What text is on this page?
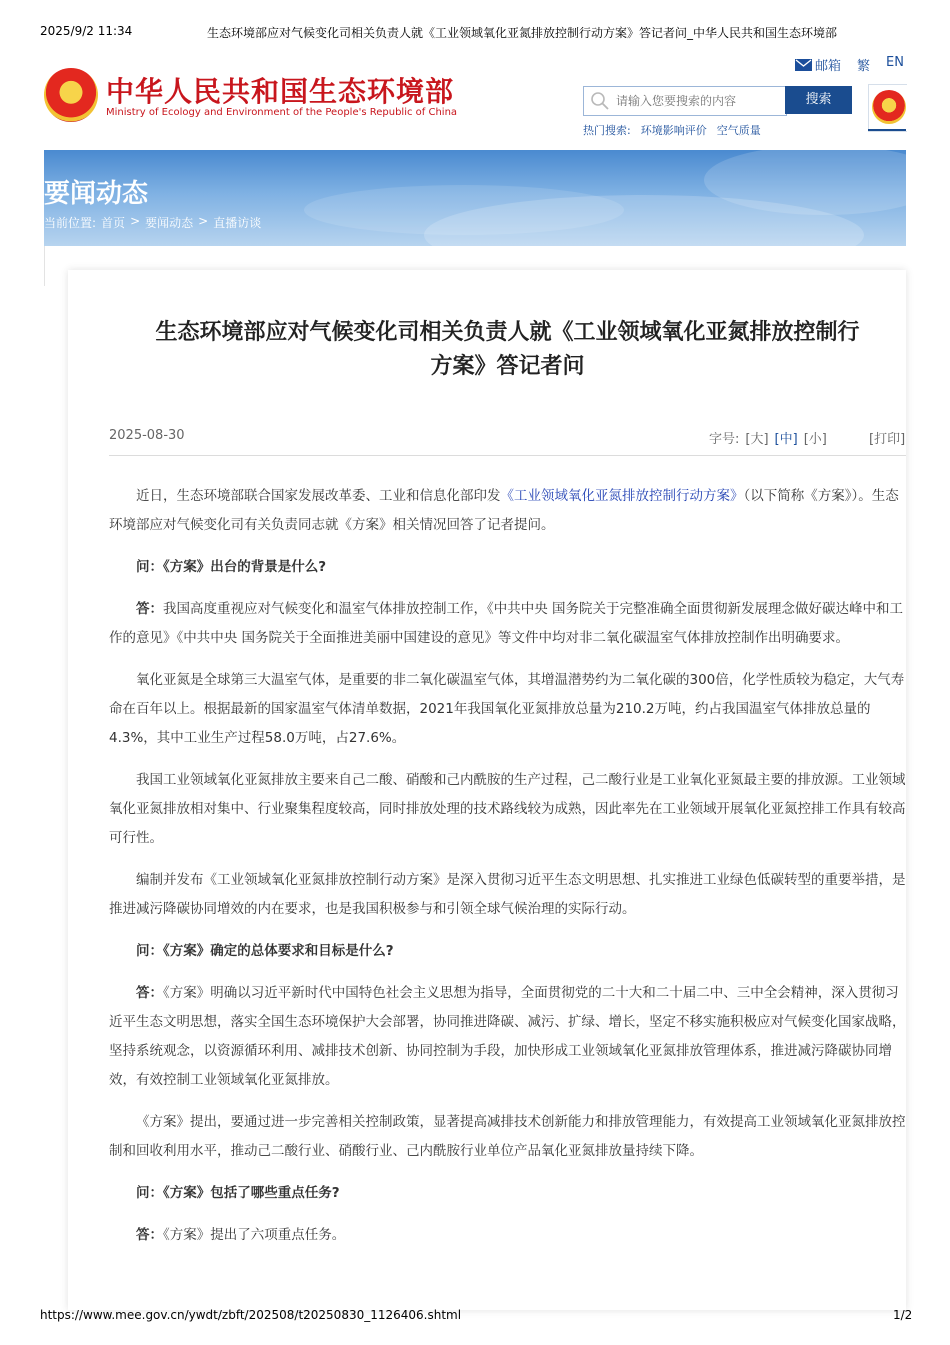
2025/9/2 11:34	生态环境部应对气候变化司相关负责人就《工业领域氧化亚氮排放控制行动方案》答记者问_中华人民共和国生态环境部
中华人民共和国生态环境部
Ministry of Ecology and Environment of the People's Republic of China
邮箱 繁 EN
请输入您要搜索的内容
搜索
热门搜索: 环境影响评价 空气质量
要闻动态
当前位置: 首页 > 要闻动态 > 直播访谈
生态环境部应对气候变化司相关负责人就《工业领域氧化亚氮排放控制行
方案》答记者问
2025-08-30	字号: [大] [中] [小]	[打印]

近日，生态环境部联合国家发展改革委、工业和信息化部印发《工业领域氧化亚氮排放控制行动方案》（以下简称《方案》）。生态环境部应对气候变化司有关负责同志就《方案》相关情况回答了记者提问。

问：《方案》出台的背景是什么?

答：我国高度重视应对气候变化和温室气体排放控制工作，《中共中央 国务院关于完整准确全面贯彻新发展理念做好碳达峰中和工作的意见》《中共中央 国务院关于全面推进美丽中国建设的意见》等文件中均对非二氧化碳温室气体排放控制作出明确要求。

氧化亚氮是全球第三大温室气体，是重要的非二氧化碳温室气体，其增温潜势约为二氧化碳的300倍，化学性质较为稳定，大气寿命在百年以上。根据最新的国家温室气体清单数据，2021年我国氧化亚氮排放总量为210.2万吨，约占我国温室气体排放总量的4.3%，其中工业生产过程58.0万吨，占27.6%。

我国工业领域氧化亚氮排放主要来自己二酸、硝酸和己内酰胺的生产过程，己二酸行业是工业氧化亚氮最主要的排放源。工业领域氧化亚氮排放相对集中、行业聚集程度较高，同时排放处理的技术路线较为成熟，因此率先在工业领域开展氧化亚氮控排工作具有较高可行性。

编制并发布《工业领域氧化亚氮排放控制行动方案》是深入贯彻习近平生态文明思想、扎实推进工业绿色低碳转型的重要举措，是推进减污降碳协同增效的内在要求，也是我国积极参与和引领全球气候治理的实际行动。

问：《方案》确定的总体要求和目标是什么?

答：《方案》明确以习近平新时代中国特色社会主义思想为指导，全面贯彻党的二十大和二十届二中、三中全会精神，深入贯彻习近平生态文明思想，落实全国生态环境保护大会部署，协同推进降碳、减污、扩绿、增长，坚定不移实施积极应对气候变化国家战略，坚持系统观念，以资源循环利用、减排技术创新、协同控制为手段，加快形成工业领域氧化亚氮排放管理体系，推进减污降碳协同增效，有效控制工业领域氧化亚氮排放。

《方案》提出，要通过进一步完善相关控制政策，显著提高减排技术创新能力和排放管理能力，有效提高工业领域氧化亚氮排放控制和回收利用水平，推动己二酸行业、硝酸行业、己内酰胺行业单位产品氧化亚氮排放量持续下降。

问：《方案》包括了哪些重点任务?

答：《方案》提出了六项重点任务。

https://www.mee.gov.cn/ywdt/zbft/202508/t20250830_1126406.shtml	1/2
